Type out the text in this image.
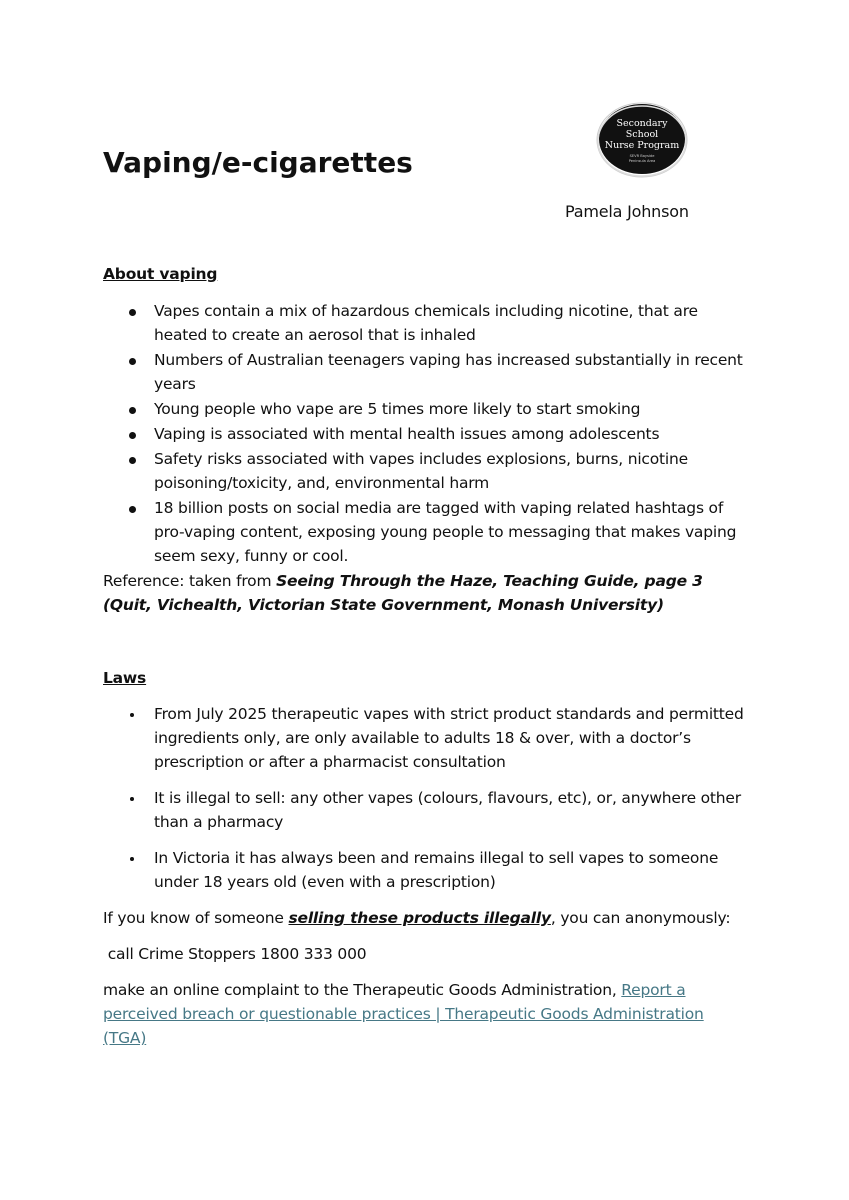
Secondary
School
Nurse Program
SEVR Bayside
Peninsula Area
Vaping/e-cigarettes
Pamela Johnson

About vaping

Vapes contain a mix of hazardous chemicals including nicotine, that are heated to create an aerosol that is inhaled
Numbers of Australian teenagers vaping has increased substantially in recent years
Young people who vape are 5 times more likely to start smoking
Vaping is associated with mental health issues among adolescents
Safety risks associated with vapes includes explosions, burns, nicotine poisoning/toxicity, and, environmental harm
18 billion posts on social media are tagged with vaping related hashtags of pro-vaping content, exposing young people to messaging that makes vaping seem sexy, funny or cool.

Reference: taken from Seeing Through the Haze, Teaching Guide, page 3 (Quit, Vichealth, Victorian State Government, Monash University)

Laws

From July 2025 therapeutic vapes with strict product standards and permitted ingredients only, are only available to adults 18 & over, with a doctor’s prescription or after a pharmacist consultation
It is illegal to sell: any other vapes (colours, flavours, etc), or, anywhere other than a pharmacy
In Victoria it has always been and remains illegal to sell vapes to someone under 18 years old (even with a prescription)

If you know of someone selling these products illegally, you can anonymously:

call Crime Stoppers 1800 333 000

make an online complaint to the Therapeutic Goods Administration, Report a perceived breach or questionable practices | Therapeutic Goods Administration (TGA)
